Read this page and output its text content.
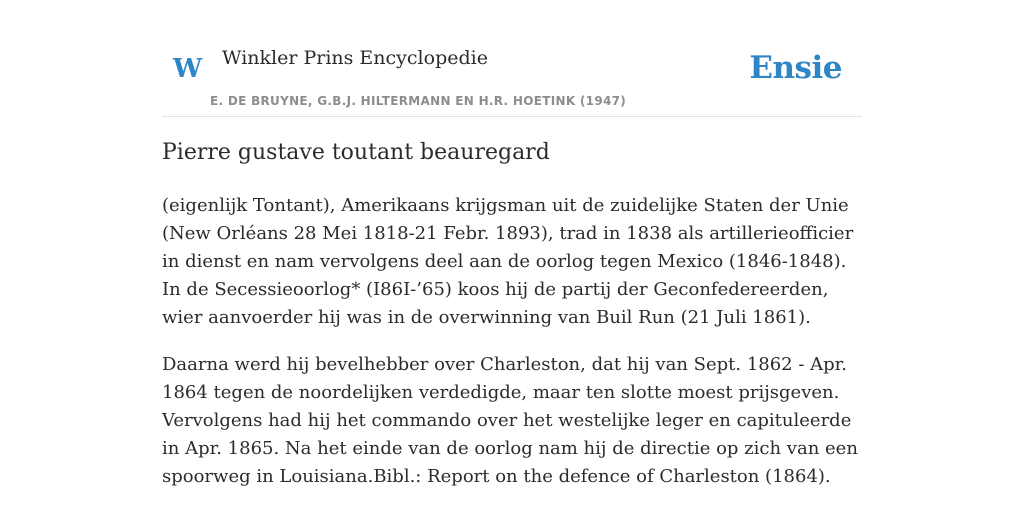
W Winkler Prins Encyclopedie
E. DE BRUYNE, G.B.J. HILTERMANN EN H.R. HOETINK (1947)
Ensie
Pierre gustave toutant beauregard

(eigenlijk Tontant), Amerikaans krijgsman uit de zuidelijke Staten der Unie (New Orléans 28 Mei 1818-21 Febr. 1893), trad in 1838 als artillerieofficier in dienst en nam vervolgens deel aan de oorlog tegen Mexico (1846-1848). In de Secessieoorlog* (I86I-’65) koos hij de partij der Geconfedereerden, wier aanvoerder hij was in de overwinning van Buil Run (21 Juli 1861).

Daarna werd hij bevelhebber over Charleston, dat hij van Sept. 1862 - Apr. 1864 tegen de noordelijken verdedigde, maar ten slotte moest prijsgeven. Vervolgens had hij het commando over het westelijke leger en capituleerde in Apr. 1865. Na het einde van de oorlog nam hij de directie op zich van een spoorweg in Louisiana.Bibl.: Report on the defence of Charleston (1864).
